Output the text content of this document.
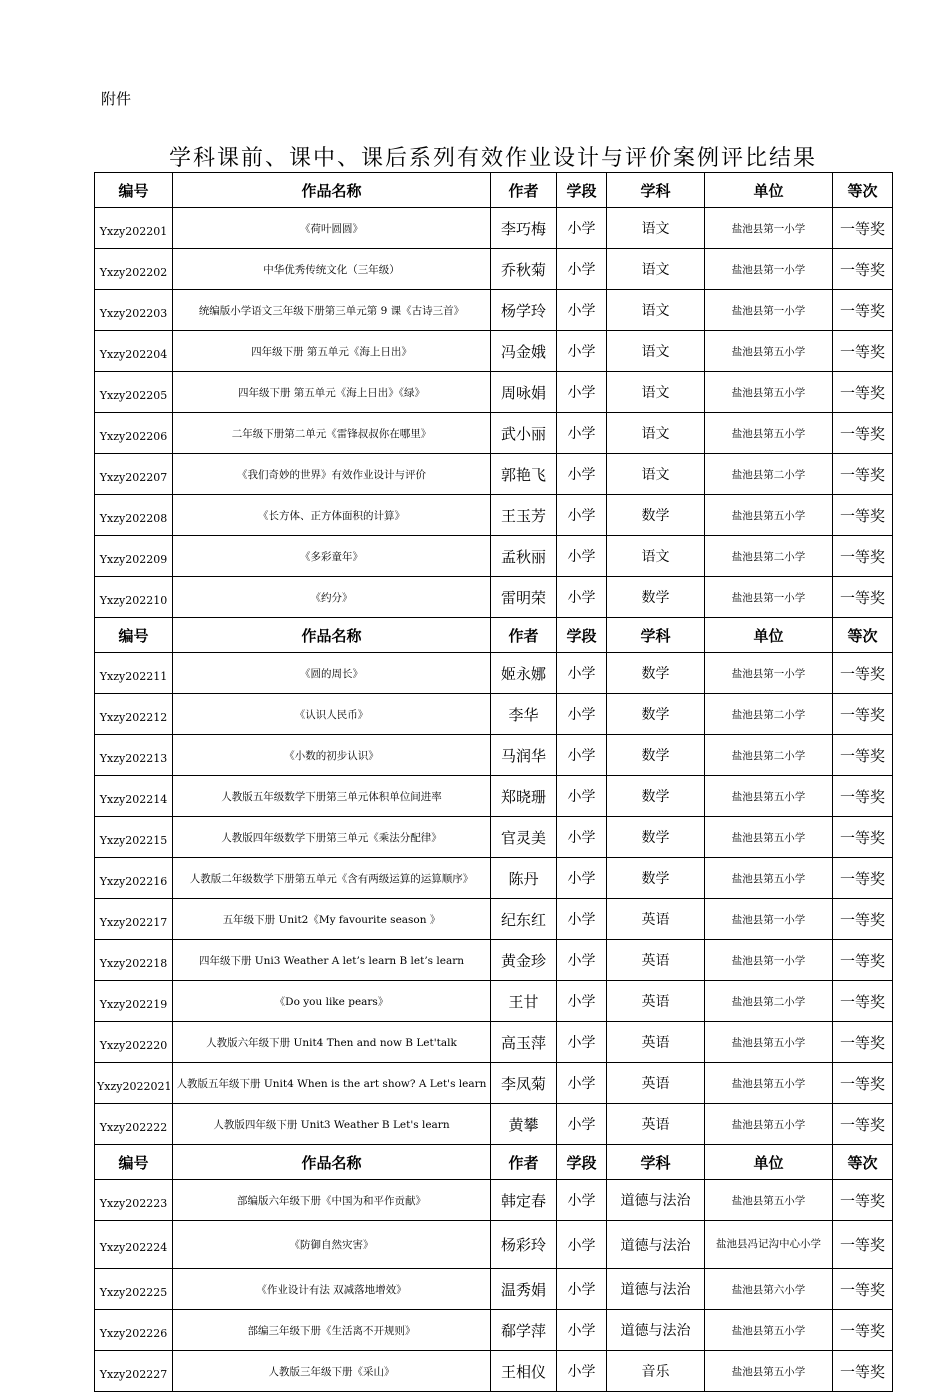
附件
学科课前、课中、课后系列有效作业设计与评价案例评比结果
编号	作品名称	作者	学段	学科	单位	等次
Yxzy202201	《荷叶圆圆》	李巧梅	小学	语文	盐池县第一小学	一等奖
Yxzy202202	中华优秀传统文化（三年级）	乔秋菊	小学	语文	盐池县第一小学	一等奖
Yxzy202203	统编版小学语文三年级下册第三单元第 9 课《古诗三首》	杨学玲	小学	语文	盐池县第一小学	一等奖
Yxzy202204	四年级下册 第五单元《海上日出》	冯金娥	小学	语文	盐池县第五小学	一等奖
Yxzy202205	四年级下册 第五单元《海上日出》《绿》	周咏娟	小学	语文	盐池县第五小学	一等奖
Yxzy202206	二年级下册第二单元《雷锋叔叔你在哪里》	武小丽	小学	语文	盐池县第五小学	一等奖
Yxzy202207	《我们奇妙的世界》有效作业设计与评价	郭艳飞	小学	语文	盐池县第二小学	一等奖
Yxzy202208	《长方体、正方体面积的计算》	王玉芳	小学	数学	盐池县第五小学	一等奖
Yxzy202209	《多彩童年》	孟秋丽	小学	语文	盐池县第二小学	一等奖
Yxzy202210	《约分》	雷明荣	小学	数学	盐池县第一小学	一等奖
编号	作品名称	作者	学段	学科	单位	等次
Yxzy202211	《圆的周长》	姬永娜	小学	数学	盐池县第一小学	一等奖
Yxzy202212	《认识人民币》	李华	小学	数学	盐池县第二小学	一等奖
Yxzy202213	《小数的初步认识》	马润华	小学	数学	盐池县第二小学	一等奖
Yxzy202214	人教版五年级数学下册第三单元体积单位间进率	郑晓珊	小学	数学	盐池县第五小学	一等奖
Yxzy202215	人教版四年级数学下册第三单元《乘法分配律》	官灵美	小学	数学	盐池县第五小学	一等奖
Yxzy202216	人教版二年级数学下册第五单元《含有两级运算的运算顺序》	陈丹	小学	数学	盐池县第五小学	一等奖
Yxzy202217	五年级下册 Unit2《My favourite season 》	纪东红	小学	英语	盐池县第一小学	一等奖
Yxzy202218	四年级下册 Uni3 Weather A let’s learn B let’s learn	黄金珍	小学	英语	盐池县第一小学	一等奖
Yxzy202219	《Do you like pears》	王甘	小学	英语	盐池县第二小学	一等奖
Yxzy202220	人教版六年级下册 Unit4 Then and now B Let'talk	高玉萍	小学	英语	盐池县第五小学	一等奖
Yxzy2022021	人教版五年级下册 Unit4 When is the art show? A Let's learn	李凤菊	小学	英语	盐池县第五小学	一等奖
Yxzy202222	人教版四年级下册 Unit3 Weather B Let's learn	黄攀	小学	英语	盐池县第五小学	一等奖
编号	作品名称	作者	学段	学科	单位	等次
Yxzy202223	部编版六年级下册《中国为和平作贡献》	韩定春	小学	道德与法治	盐池县第五小学	一等奖
Yxzy202224	《防御自然灾害》	杨彩玲	小学	道德与法治	盐池县冯记沟中心小学	一等奖
Yxzy202225	《作业设计有法 双减落地增效》	温秀娟	小学	道德与法治	盐池县第六小学	一等奖
Yxzy202226	部编三年级下册《生活离不开规则》	郗学萍	小学	道德与法治	盐池县第五小学	一等奖
Yxzy202227	人教版三年级下册《采山》	王相仪	小学	音乐	盐池县第五小学	一等奖
